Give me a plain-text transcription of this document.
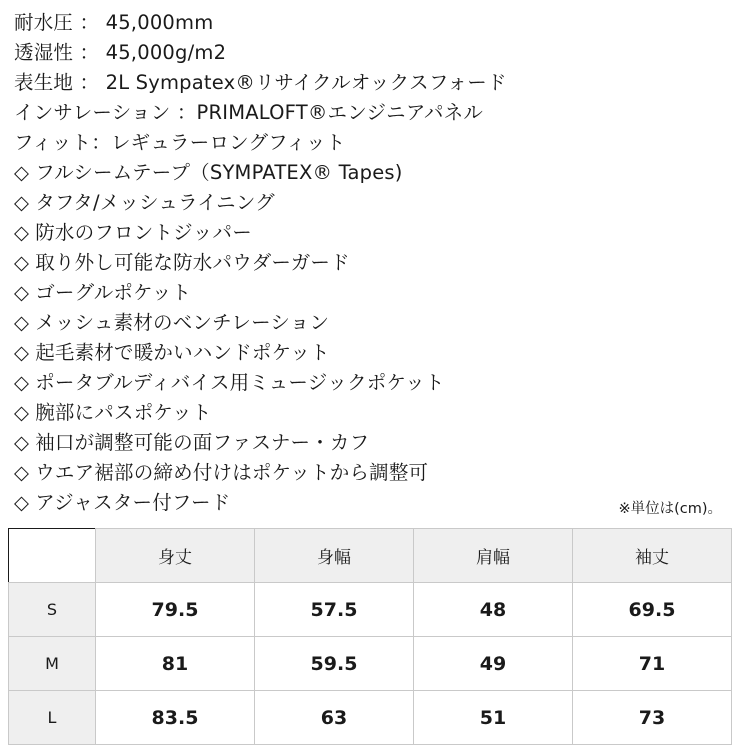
耐水圧 ： 45,000mm
透湿性 ： 45,000g/m2
表生地 ： 2L Sympatex®リサイクルオックスフォード
インサレーション ：PRIMALOFT®エンジニアパネル
フィット：レギュラーロングフィット
◇ フルシームテープ（SYMPATEX® Tapes)
◇ タフタ/メッシュライニング
◇ 防水のフロントジッパー
◇ 取り外し可能な防水パウダーガード
◇ ゴーグルポケット
◇ メッシュ素材のベンチレーション
◇ 起毛素材で暖かいハンドポケット
◇ ポータブルディバイス用ミュージックポケット
◇ 腕部にパスポケット
◇ 袖口が調整可能の面ファスナー・カフ
◇ ウエア裾部の締め付けはポケットから調整可
◇ アジャスター付フード	※単位は(cm)。
	身丈	身幅	肩幅	袖丈
S	79.5	57.5	48	69.5
M	81	59.5	49	71
L	83.5	63	51	73
